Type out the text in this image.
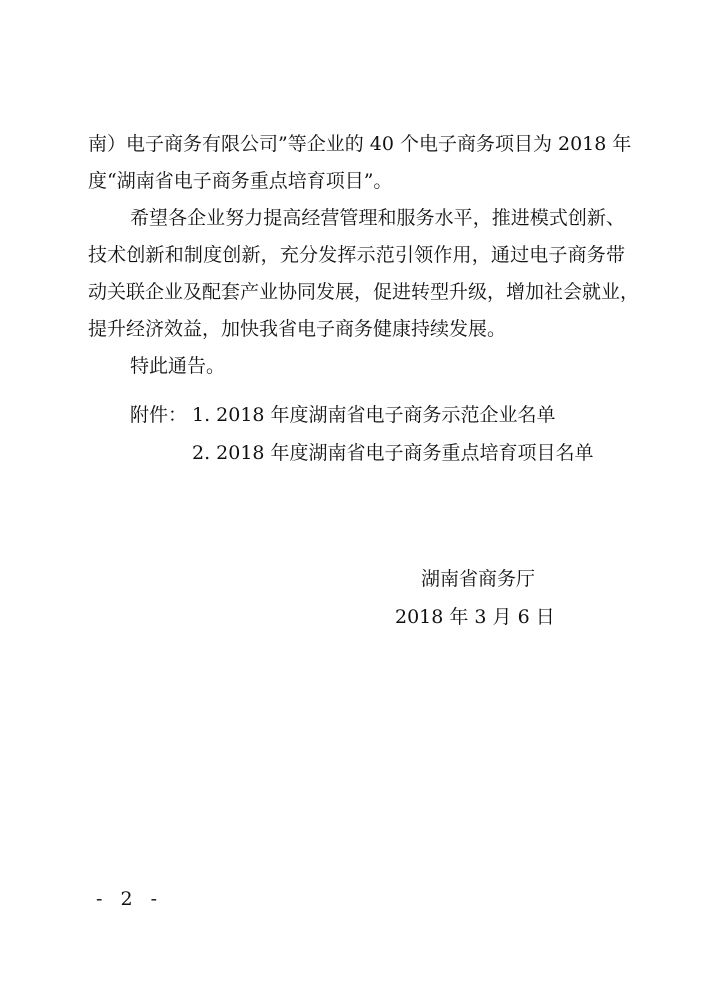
南）电子商务有限公司”等企业的 40 个电子商务项目为 2018 年
度“湖南省电子商务重点培育项目”。
希望各企业努力提高经营管理和服务水平，推进模式创新、
技术创新和制度创新，充分发挥示范引领作用，通过电子商务带
动关联企业及配套产业协同发展，促进转型升级，增加社会就业，
提升经济效益，加快我省电子商务健康持续发展。
特此通告。
附件： 1. 2018 年度湖南省电子商务示范企业名单
2. 2018 年度湖南省电子商务重点培育项目名单
湖南省商务厅
2018 年 3 月 6 日
- 2 -
